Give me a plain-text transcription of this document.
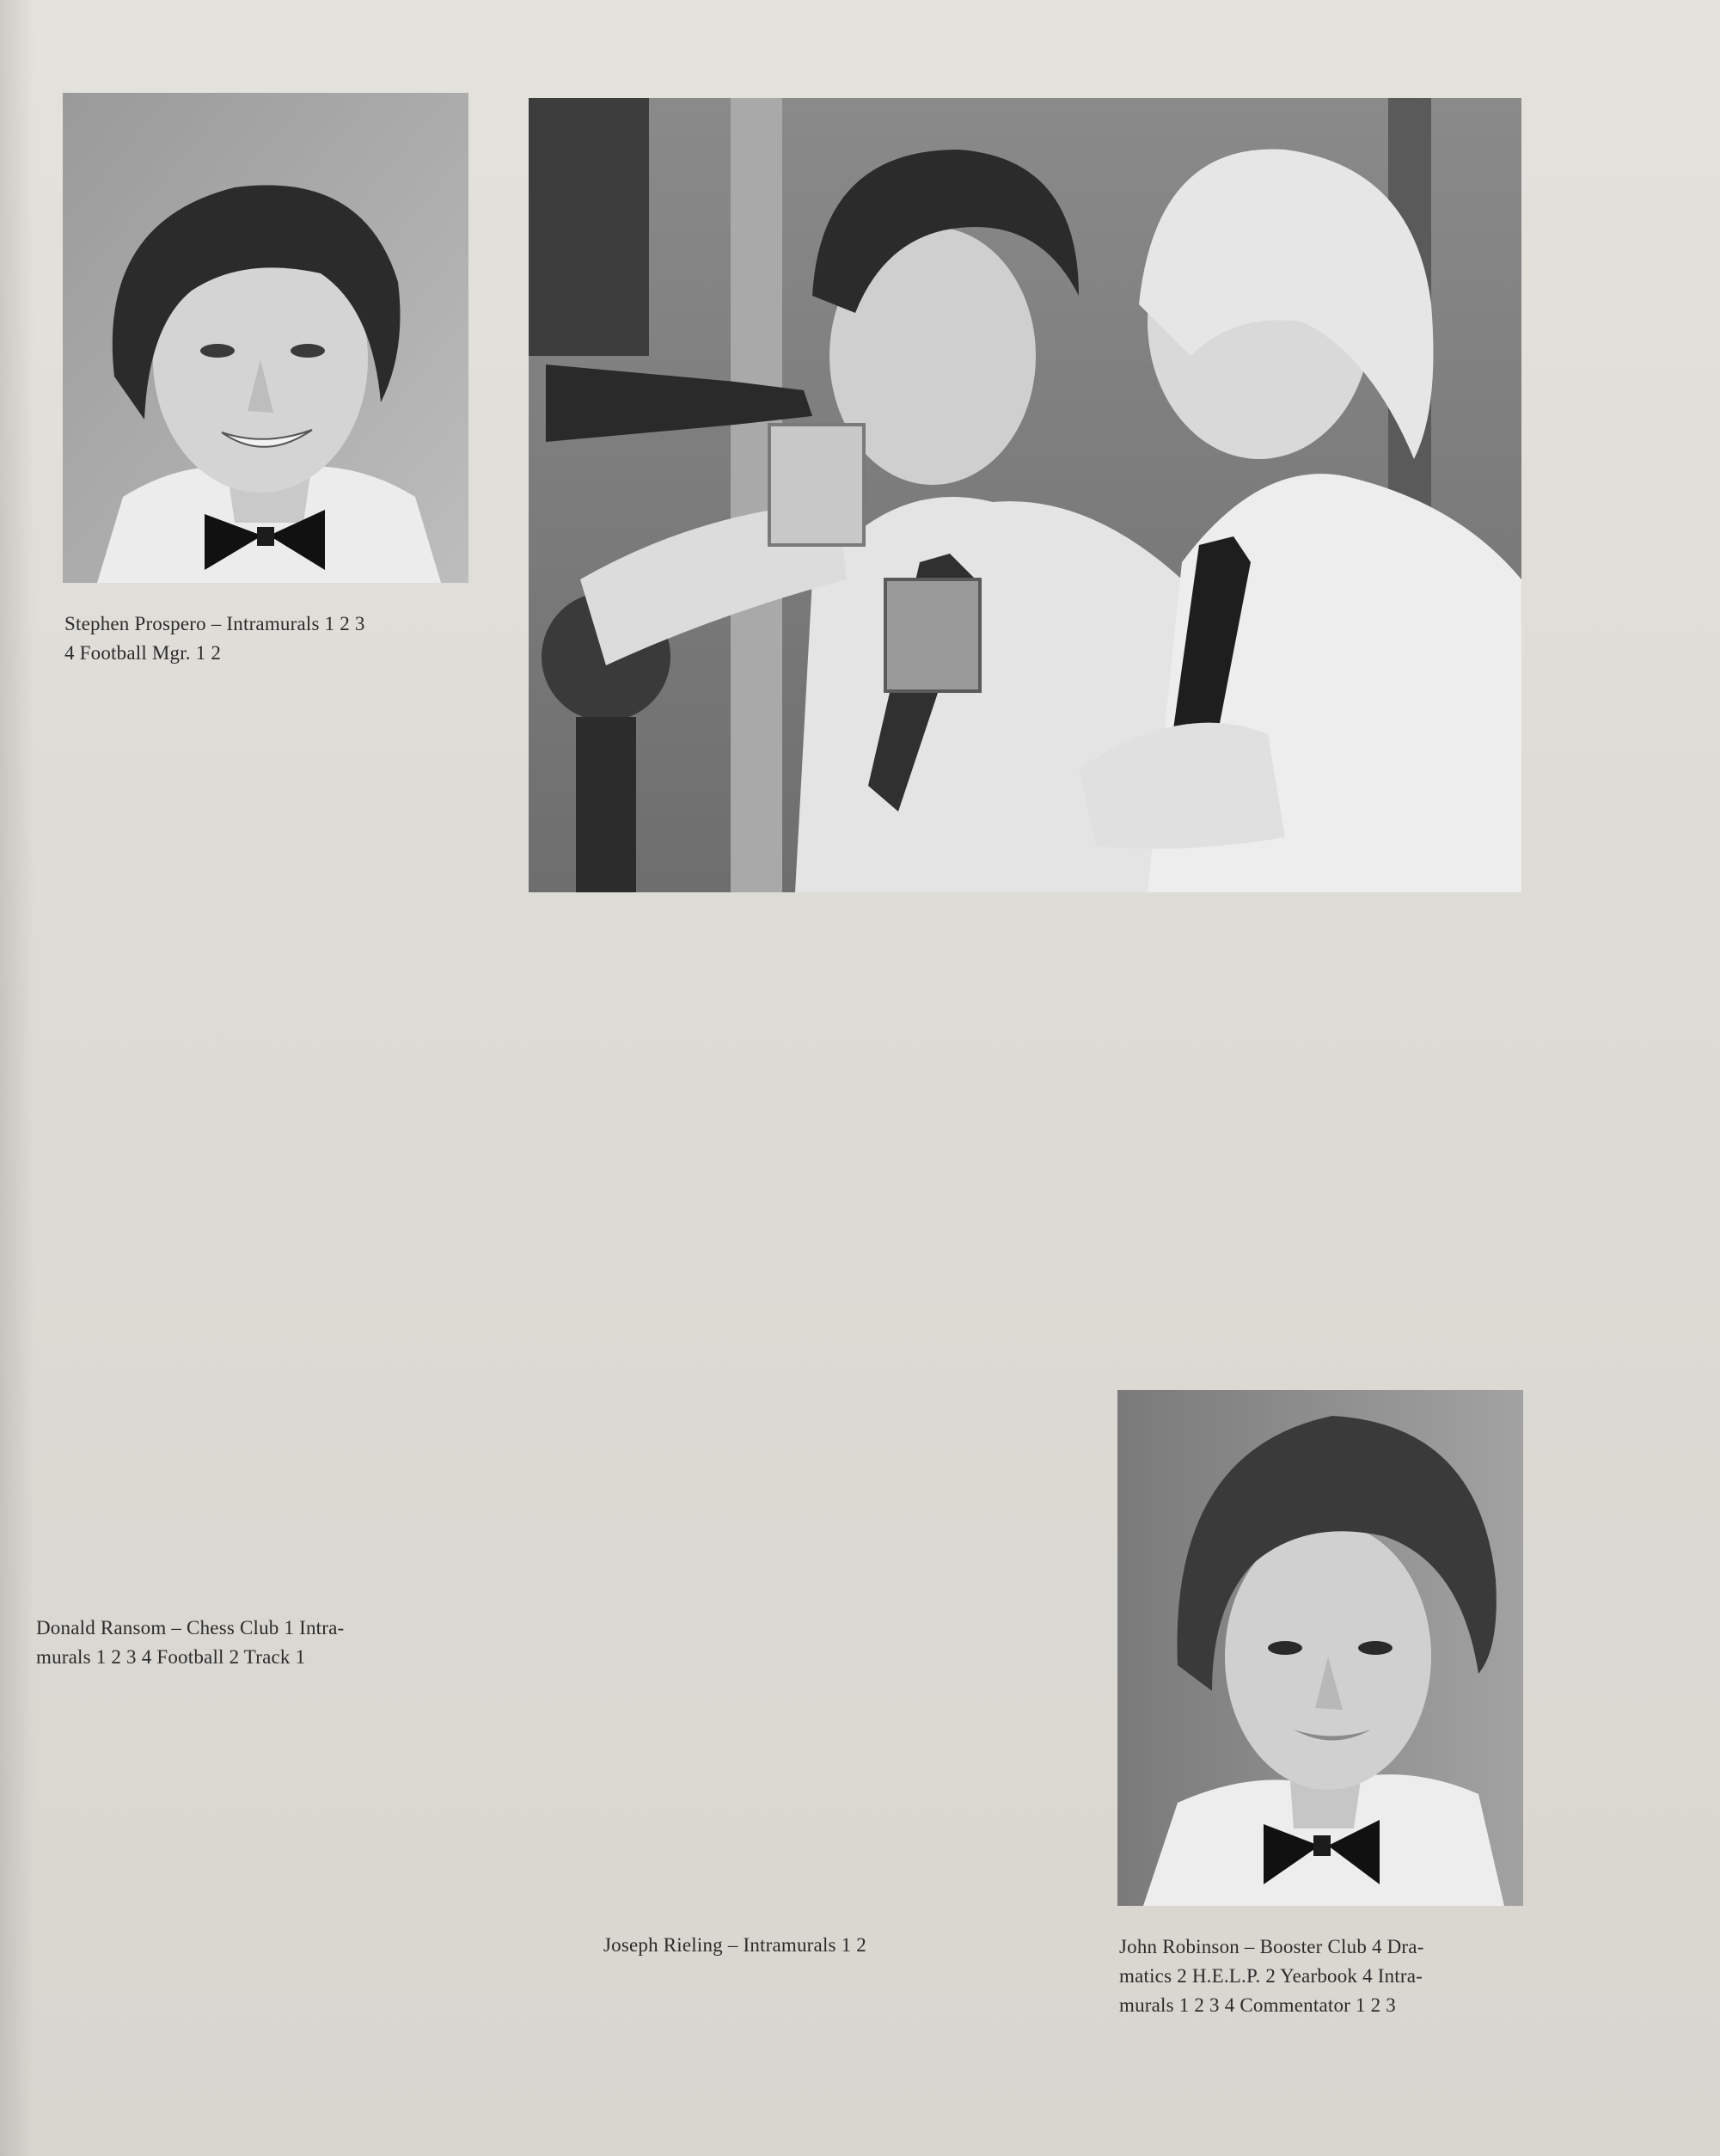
Stephen Prospero – Intramurals 1 2 3
4 Football Mgr. 1 2
Donald Ransom – Chess Club 1 Intra-
murals 1 2 3 4 Football 2 Track 1
Joseph Rieling – Intramurals 1 2	John Robinson – Booster Club 4 Dra-
matics 2 H.E.L.P. 2 Yearbook 4 Intra-
murals 1 2 3 4 Commentator 1 2 3
